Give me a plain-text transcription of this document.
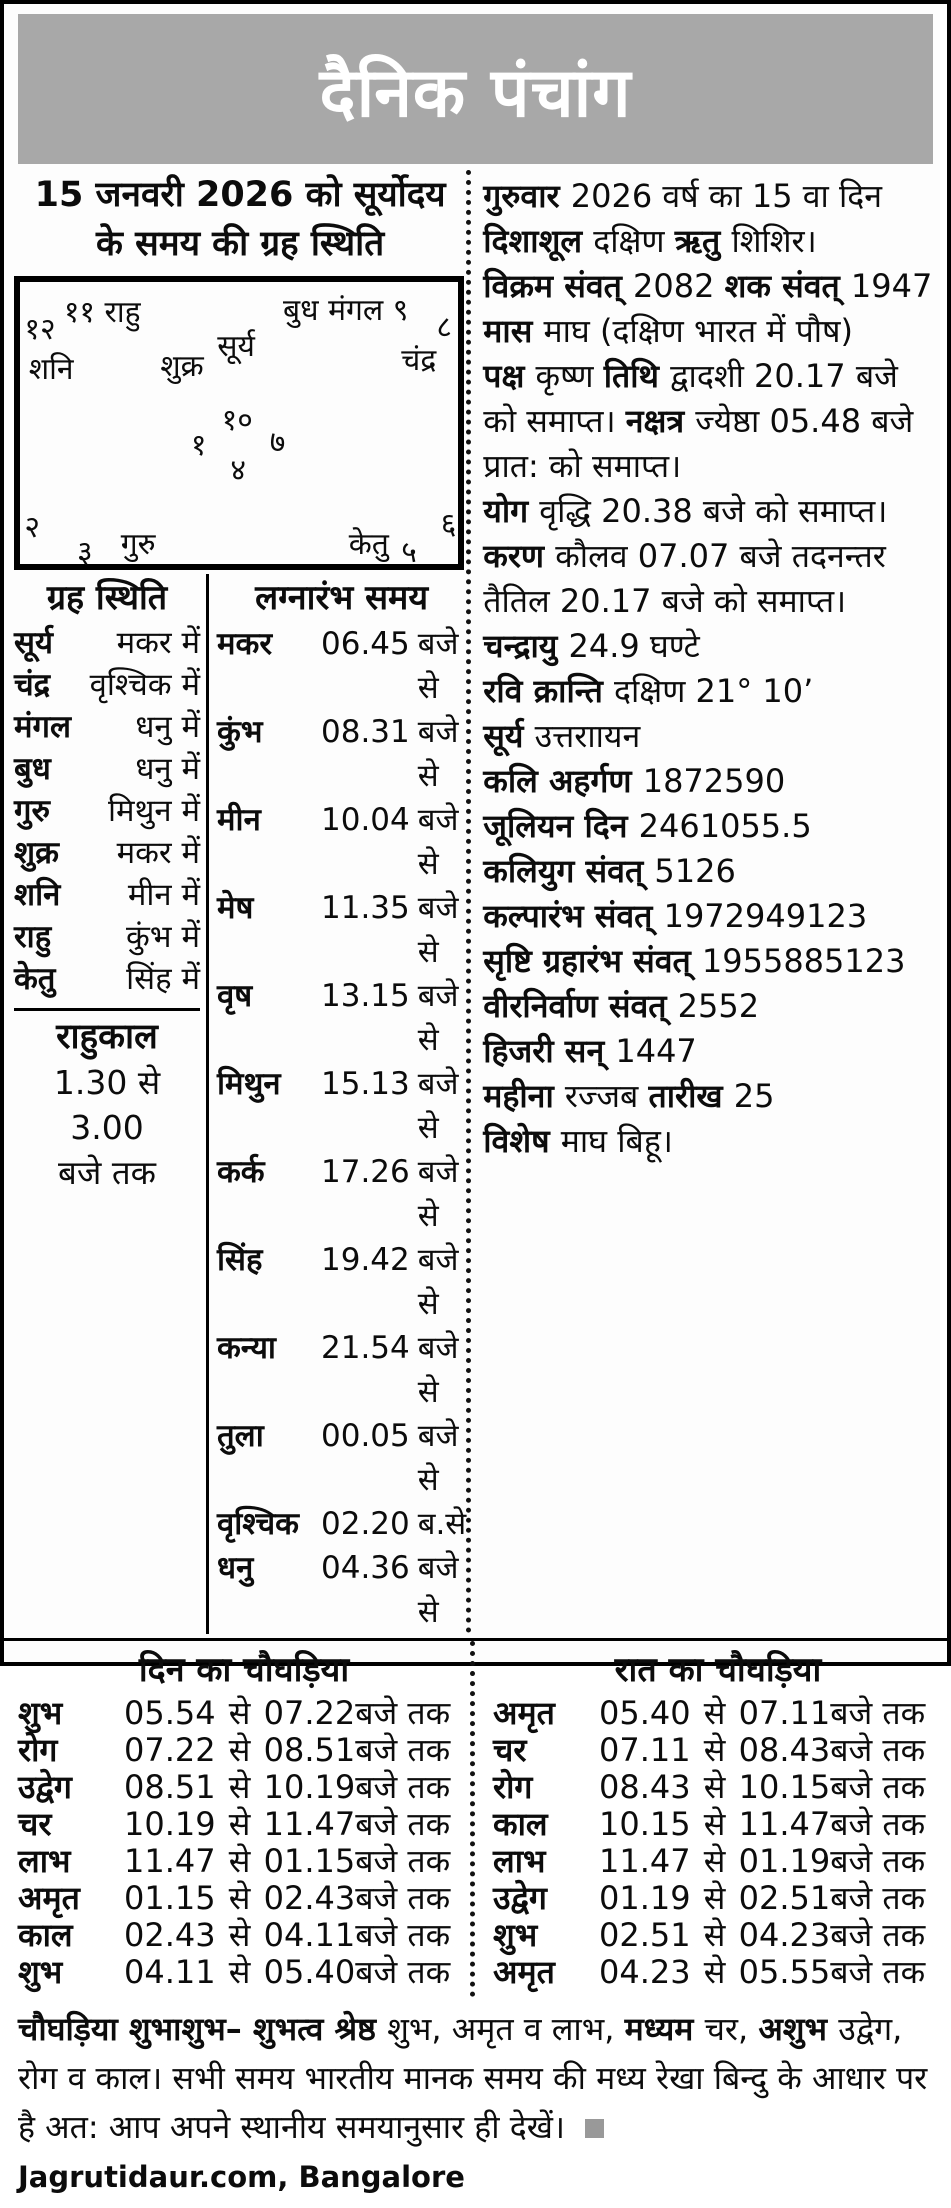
दैनिक पंचांग
15 जनवरी 2026 को सूर्योदय
के समय की ग्रह स्थिति
१२ ११ राहु	बुध मंगल ९ ८
शनि	शुक्र
सूर्य	चंद्र
१०
१ ७
४
२
३ गुरु	केतु ५
६
ग्रह स्थिति
सूर्य मकर में
चंद्र वृश्चिक में
मंगल धनु में
बुध	धनु में
गुरु मिथुन में
शुक्र मकर में
शनि मीन में
राहु कुंभ में
केतु सिंह में
राहुकाल
1.30 से 3.00
बजे तक
लग्नारंभ समय
मकर	06.45 बजे से
कुंभ	08.31 बजे से
मीन	10.04 बजे से
मेष	11.35 बजे से
वृष	13.15 बजे से
मिथुन	15.13 बजे से
कर्क	17.26 बजे से
सिंह	19.42 बजे से
कन्या	21.54 बजे से
तुला	00.05 बजे से
वृश्चिक 02.20 ब.से
धनु	04.36 बजे से
गुरुवार 2026 वर्ष का 15 वा दिन
दिशाशूल दक्षिण ऋतु शिशिर।
विक्रम संवत् 2082 शक संवत् 1947
मास माघ (दक्षिण भारत में पौष)
पक्ष कृष्ण तिथि द्वादशी 20.17 बजे को समाप्त। नक्षत्र ज्येष्ठा 05.48 बजे प्रात: को समाप्त।
योग वृद्धि 20.38 बजे को समाप्त।
करण कौलव 07.07 बजे तदनन्तर तैतिल 20.17 बजे को समाप्त।
चन्द्रायु 24.9 घण्टे
रवि क्रान्ति दक्षिण 21° 10’
सूर्य उत्तराायन
कलि अहर्गण 1872590
जूलियन दिन 2461055.5
कलियुग संवत् 5126
कल्पारंभ संवत् 1972949123
सृष्टि ग्रहारंभ संवत् 1955885123
वीरनिर्वाण संवत् 2552
हिजरी सन् 1447
महीना रज्जब तारीख 25
विशेष माघ बिहू।
दिन का चौघड़िया
शुभ	05.54 से 07.22 बजे तक
रोग	07.22 से 08.51 बजे तक
उद्वेग	08.51 से 10.19 बजे तक
चर	10.19 से 11.47 बजे तक
लाभ	11.47 से 01.15 बजे तक
अमृत	01.15 से 02.43 बजे तक
काल	02.43 से 04.11 बजे तक
शुभ	04.11 से 05.40 बजे तक
रात का चौघड़िया
अमृत	05.40 से 07.11 बजे तक
चर	07.11 से 08.43 बजे तक
रोग	08.43 से 10.15 बजे तक
काल	10.15 से 11.47 बजे तक
लाभ	11.47 से 01.19 बजे तक
उद्वेग	01.19 से 02.51 बजे तक
शुभ	02.51 से 04.23 बजे तक
अमृत	04.23 से 05.55 बजे तक
चौघड़िया शुभाशुभ– शुभत्व श्रेष्ठ शुभ, अमृत व लाभ, मध्यम चर, अशुभ उद्वेग, रोग व काल। सभी समय भारतीय मानक समय की मध्य रेखा बिन्दु के आधार पर है अत: आप अपने स्थानीय समयानुसार ही देखें। Jagrutidaur.com, Bangalore
